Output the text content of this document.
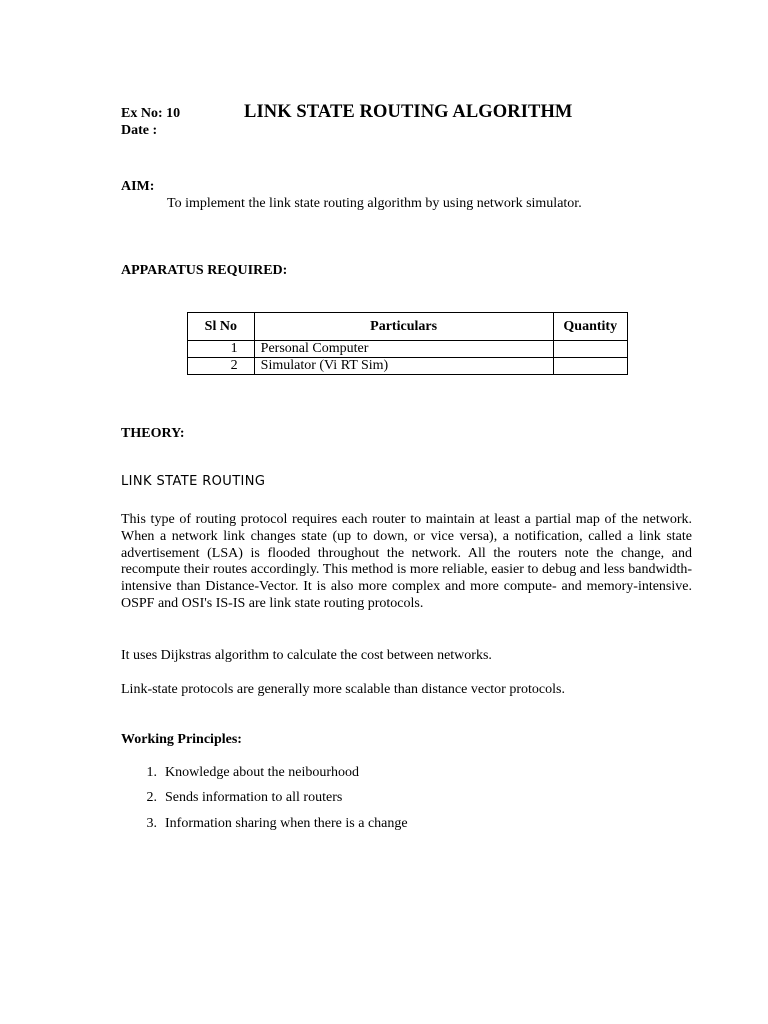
Ex No: 10

Date :

LINK STATE ROUTING ALGORITHM

AIM:

To implement the link state routing algorithm by using network simulator.

APPARATUS REQUIRED:

Sl No	Particulars	Quantity
1	Personal Computer	
2	Simulator (Vi RT Sim)	

THEORY:

LINK STATE ROUTING

This type of routing protocol requires each router to maintain at least a partial map of the network. When a network link changes state (up to down, or vice versa), a notification, called a link state advertisement (LSA) is flooded throughout the network. All the routers note the change, and recompute their routes accordingly. This method is more reliable, easier to debug and less bandwidth-intensive than Distance-Vector. It is also more complex and more compute- and memory-intensive. OSPF and OSI's IS-IS are link state routing protocols.

It uses Dijkstras algorithm to calculate the cost between networks.

Link-state protocols are generally more scalable than distance vector protocols.

Working Principles:

1. Knowledge about the neibourhood
2. Sends information to all routers
3. Information sharing when there is a change
